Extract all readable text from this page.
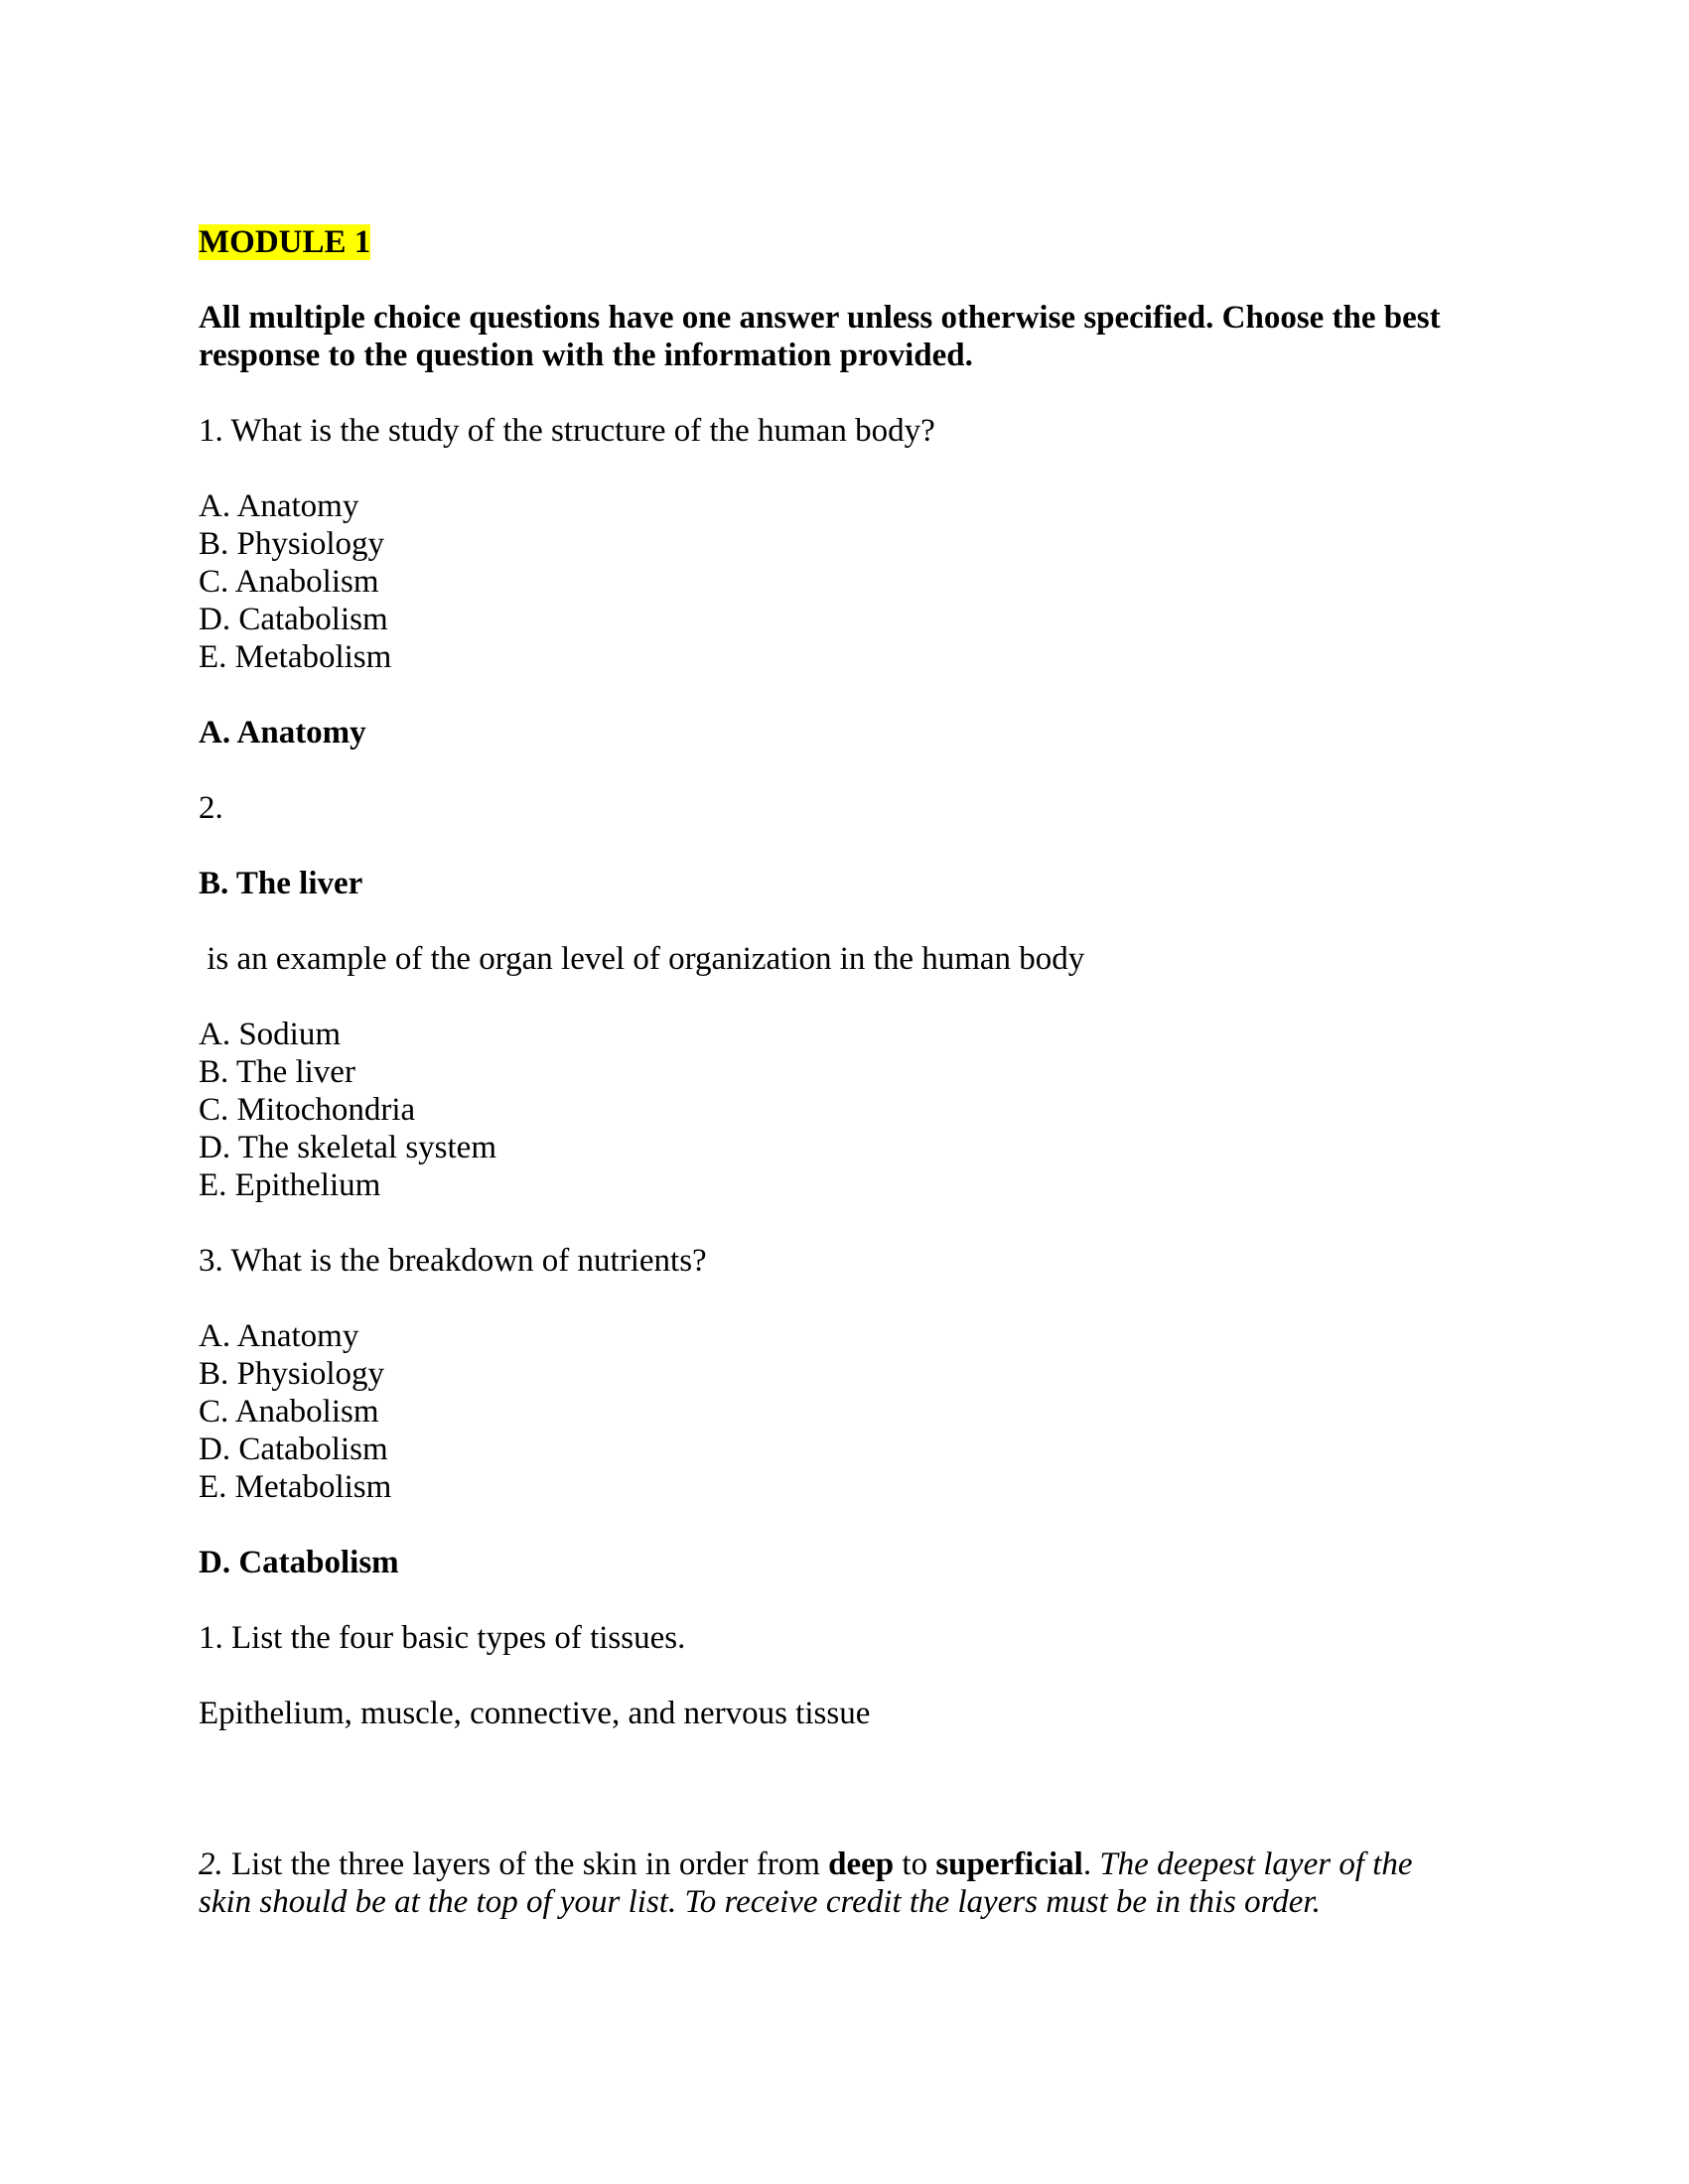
MODULE 1
All multiple choice questions have one answer unless otherwise specified. Choose the best
response to the question with the information provided.
1. What is the study of the structure of the human body?
A. Anatomy
B. Physiology
C. Anabolism
D. Catabolism
E. Metabolism
A. Anatomy
2.
B. The liver
is an example of the organ level of organization in the human body
A. Sodium
B. The liver
C. Mitochondria
D. The skeletal system
E. Epithelium
3. What is the breakdown of nutrients?
A. Anatomy
B. Physiology
C. Anabolism
D. Catabolism
E. Metabolism
D. Catabolism
1. List the four basic types of tissues.
Epithelium, muscle, connective, and nervous tissue
2. List the three layers of the skin in order from deep to superficial. The deepest layer of the
skin should be at the top of your list. To receive credit the layers must be in this order.
